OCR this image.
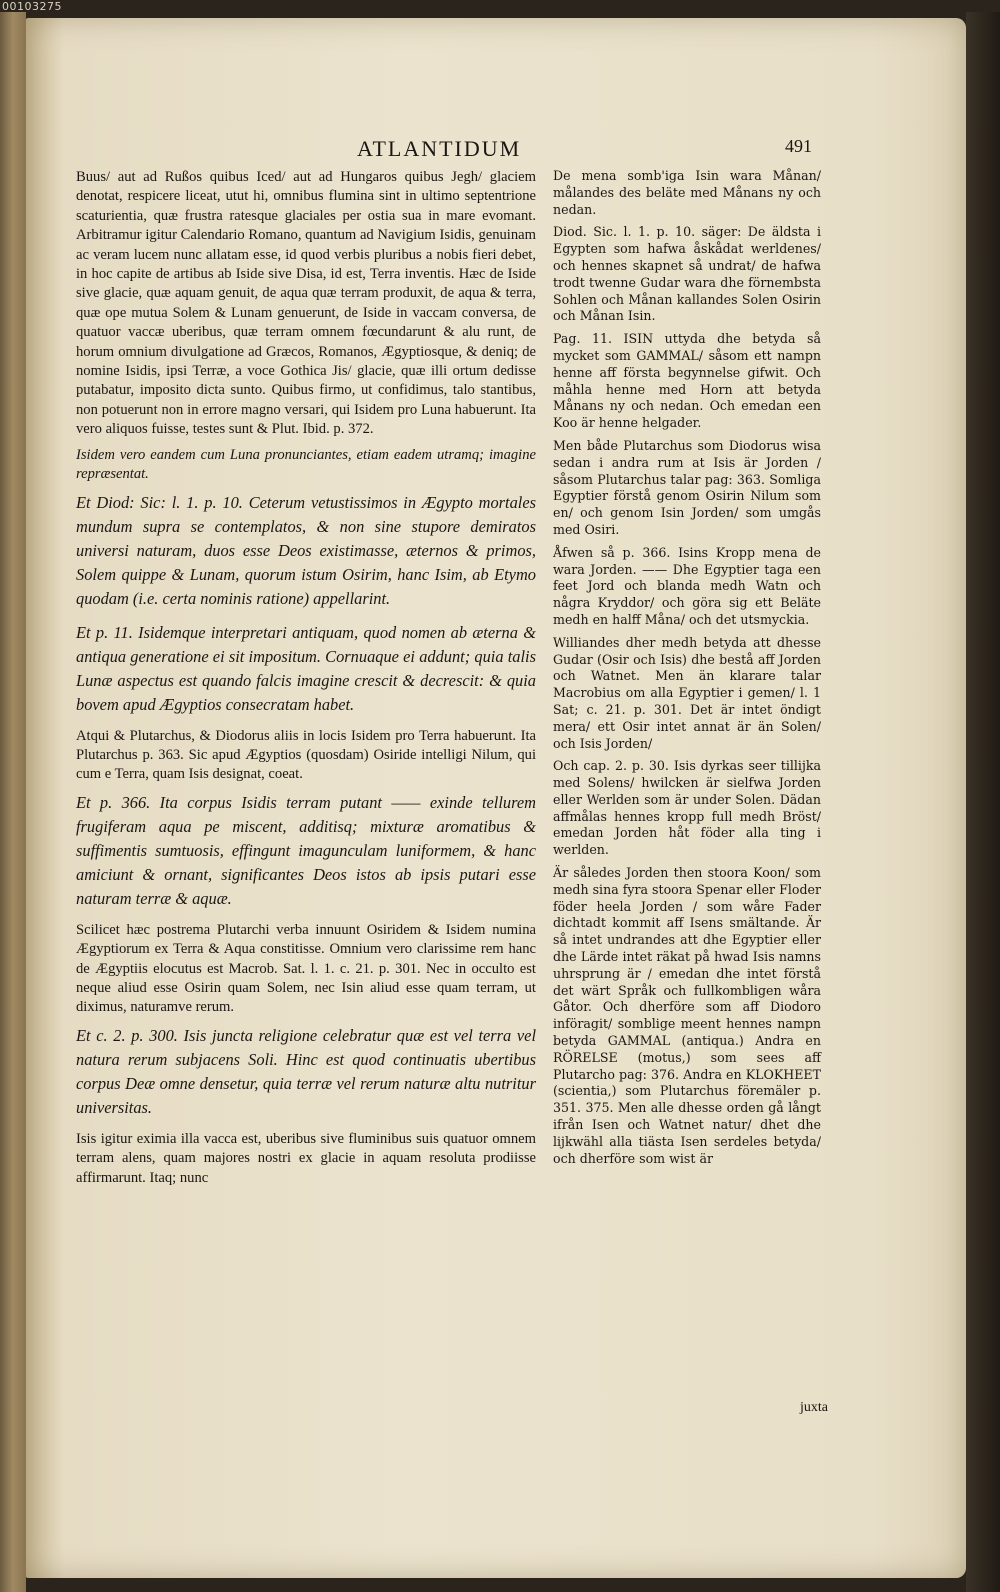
00103275
ATLANTIDUM	491

Buus/ aut ad Rußos quibus Iced/ aut ad Hungaros quibus Jegh/ glaciem denotat, respicere liceat, utut hi, omnibus flumina sint in ultimo septentrione scaturientia, quæ frustra ratesque glaciales per ostia sua in mare evomant. Arbitramur igitur Calendario Romano, quantum ad Navigium Isidis, genuinam ac veram lucem nunc allatam esse, id quod verbis pluribus a nobis fieri debet, in hoc capite de artibus ab Iside sive Disa, id est, Terra inventis. Hæc de Iside sive glacie, quæ aquam genuit, de aqua quæ terram produxit, de aqua & terra, quæ ope mutua Solem & Lunam genuerunt, de Iside in vaccam conversa, de quatuor vaccæ uberibus, quæ terram omnem fœcundarunt & alu runt, de horum omnium divulgatione ad Græcos, Romanos, Ægyptiosque, & deniq; de nomine Isidis, ipsi Terræ, a voce Gothica Jis/ glacie, quæ illi ortum dedisse putabatur, imposito dicta sunto. Quibus firmo, ut confidimus, talo stantibus, non potuerunt non in errore magno versari, qui Isidem pro Luna habuerunt. Ita vero aliquos fuisse, testes sunt & Plut. Ibid. p. 372.

Isidem vero eandem cum Luna pronunciantes, etiam eadem utramq; imagine repræsentat.

Et Diod: Sic: l. 1. p. 10. Ceterum vetustissimos in Ægypto mortales mundum supra se contemplatos, & non sine stupore demiratos universi naturam, duos esse Deos existimasse, æternos & primos, Solem quippe & Lunam, quorum istum Osirim, hanc Isim, ab Etymo quodam (i.e. certa nominis ratione) appellarint.

Et p. 11. Isidemque interpretari antiquam, quod nomen ab æterna & antiqua generatione ei sit impositum. Cornuaque ei addunt; quia talis Lunæ aspectus est quando falcis imagine crescit & decrescit: & quia bovem apud Ægyptios consecratam habet.

Atqui & Plutarchus, & Diodorus aliis in locis Isidem pro Terra habuerunt. Ita Plutarchus p. 363. Sic apud Ægyptios (quosdam) Osiride intelligi Nilum, qui cum e Terra, quam Isis designat, coeat.

Et p. 366. Ita corpus Isidis terram putant —— exinde tellurem frugiferam aqua pe miscent, additisq; mixturæ aromatibus & suffimentis sumtuosis, effingunt imagunculam luniformem, & hanc amiciunt & ornant, significantes Deos istos ab ipsis putari esse naturam terræ & aquæ.

Scilicet hæc postrema Plutarchi verba innuunt Osiridem & Isidem numina Ægyptiorum ex Terra & Aqua constitisse. Omnium vero clarissime rem hanc de Ægyptiis elocutus est Macrob. Sat. l. 1. c. 21. p. 301. Nec in occulto est neque aliud esse Osirin quam Solem, nec Isin aliud esse quam terram, ut diximus, naturamve rerum.

Et c. 2. p. 300. Isis juncta religione celebratur quæ est vel terra vel natura rerum subjacens Soli. Hinc est quod continuatis ubertibus corpus Deæ omne densetur, quia terræ vel rerum naturæ altu nutritur universitas.

Isis igitur eximia illa vacca est, uberibus sive fluminibus suis quatuor omnem terram alens, quam majores nostri ex glacie in aquam resoluta prodiisse affirmarunt. Itaq; nunc

De mena somb'iga Isin wara Månan/ målandes des beläte med Månans ny och nedan.

Diod. Sic. l. 1. p. 10. säger: De äldsta i Egypten som hafwa åskådat werldenes/ och hennes skapnet så undrat/ de hafwa trodt twenne Gudar wara dhe förnembsta Sohlen och Månan kallandes Solen Osirin och Månan Isin.

Pag. 11. ISIN uttyda dhe betyda så mycket som GAMMAL/ såsom ett nampn henne aff första begynnelse gifwit. Och måhla henne med Horn att betyda Månans ny och nedan. Och emedan een Koo är henne helgader.

Men både Plutarchus som Diodorus wisa sedan i andra rum at Isis är Jorden / såsom Plutarchus talar pag: 363. Somliga Egyptier förstå genom Osirin Nilum som en/ och genom Isin Jorden/ som umgås med Osiri.

Åfwen så p. 366. Isins Kropp mena de wara Jorden. —— Dhe Egyptier taga een feet Jord och blanda medh Watn och några Kryddor/ och göra sig ett Beläte medh en halff Måna/ och det utsmyckia.

Williandes dher medh betyda att dhesse Gudar (Osir och Isis) dhe bestå aff Jorden och Watnet. Men än klarare talar Macrobius om alla Egyptier i gemen/ l. 1 Sat; c. 21. p. 301. Det är intet öndigt mera/ ett Osir intet annat är än Solen/ och Isis Jorden/

Och cap. 2. p. 30. Isis dyrkas seer tillijka med Solens/ hwilcken är sielfwa Jorden eller Werlden som är under Solen. Dädan affmålas hennes kropp full medh Bröst/ emedan Jorden håt föder alla ting i werlden.

Är således Jorden then stoora Koon/ som medh sina fyra stoora Spenar eller Floder föder heela Jorden / som wåre Fader dichtadt kommit aff Isens smältande. Är så intet undrandes att dhe Egyptier eller dhe Lärde intet räkat på hwad Isis namns uhrsprung är / emedan dhe intet förstå det wärt Språk och fullkombligen wåra Gåtor. Och dherföre som aff Diodoro införagit/ somblige meent hennes nampn betyda GAMMAL (antiqua.) Andra en RÖRELSE (motus,) som sees aff Plutarcho pag: 376. Andra en KLOKHEET (scientia,) som Plutarchus föremäler p. 351. 375. Men alle dhesse orden gå långt ifrån Isen och Watnet natur/ dhet dhe lijkwähl alla tiästa Isen serdeles betyda/ och dherföre som wist är

juxta
